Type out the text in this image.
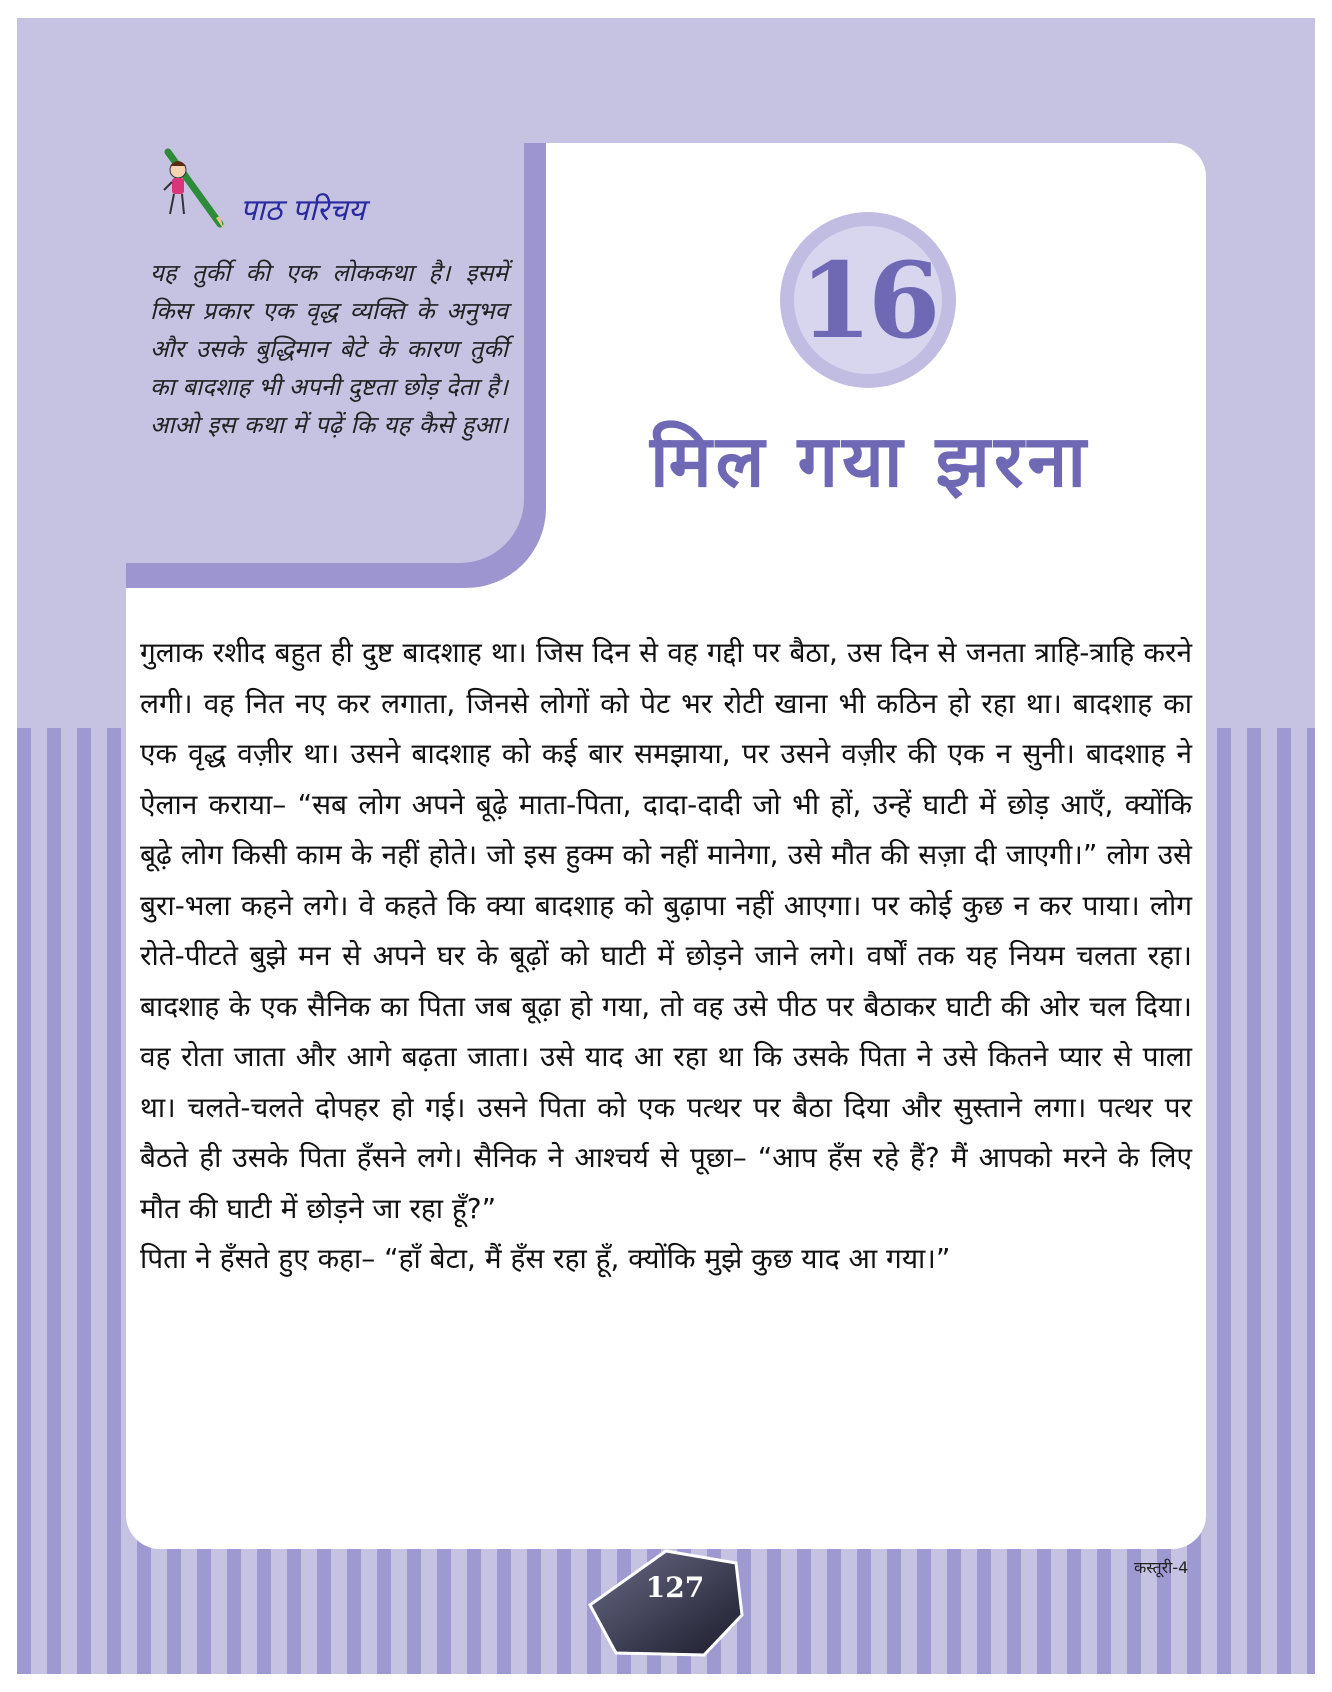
पाठ परिचय

यह तुर्की की एक लोककथा है। इसमें किस प्रकार एक वृद्ध व्यक्ति के अनुभव और उसके बुद्धिमान बेटे के कारण तुर्की का बादशाह भी अपनी दुष्टता छोड़ देता है। आओ इस कथा में पढ़ें कि यह कैसे हुआ।

16
मिल गया झरना

गुलाक रशीद बहुत ही दुष्ट बादशाह था। जिस दिन से वह गद्दी पर बैठा, उस दिन से जनता त्राहि-त्राहि करने लगी। वह नित नए कर लगाता, जिनसे लोगों को पेट भर रोटी खाना भी कठिन हो रहा था। बादशाह का एक वृद्ध वज़ीर था। उसने बादशाह को कई बार समझाया, पर उसने वज़ीर की एक न सुनी। बादशाह ने ऐलान कराया– “सब लोग अपने बूढ़े माता-पिता, दादा-दादी जो भी हों, उन्हें घाटी में छोड़ आएँ, क्योंकि बूढ़े लोग किसी काम के नहीं होते। जो इस हुक्म को नहीं मानेगा, उसे मौत की सज़ा दी जाएगी।” लोग उसे बुरा-भला कहने लगे। वे कहते कि क्या बादशाह को बुढ़ापा नहीं आएगा। पर कोई कुछ न कर पाया। लोग रोते-पीटते बुझे मन से अपने घर के बूढ़ों को घाटी में छोड़ने जाने लगे। वर्षों तक यह नियम चलता रहा। बादशाह के एक सैनिक का पिता जब बूढ़ा हो गया, तो वह उसे पीठ पर बैठाकर घाटी की ओर चल दिया। वह रोता जाता और आगे बढ़ता जाता। उसे याद आ रहा था कि उसके पिता ने उसे कितने प्यार से पाला था। चलते-चलते दोपहर हो गई। उसने पिता को एक पत्थर पर बैठा दिया और सुस्ताने लगा। पत्थर पर बैठते ही उसके पिता हँसने लगे। सैनिक ने आश्चर्य से पूछा– “आप हँस रहे हैं? मैं आपको मरने के लिए मौत की घाटी में छोड़ने जा रहा हूँ?”

पिता ने हँसते हुए कहा– “हाँ बेटा, मैं हँस रहा हूँ, क्योंकि मुझे कुछ याद आ गया।”

127
कस्तूरी-4
